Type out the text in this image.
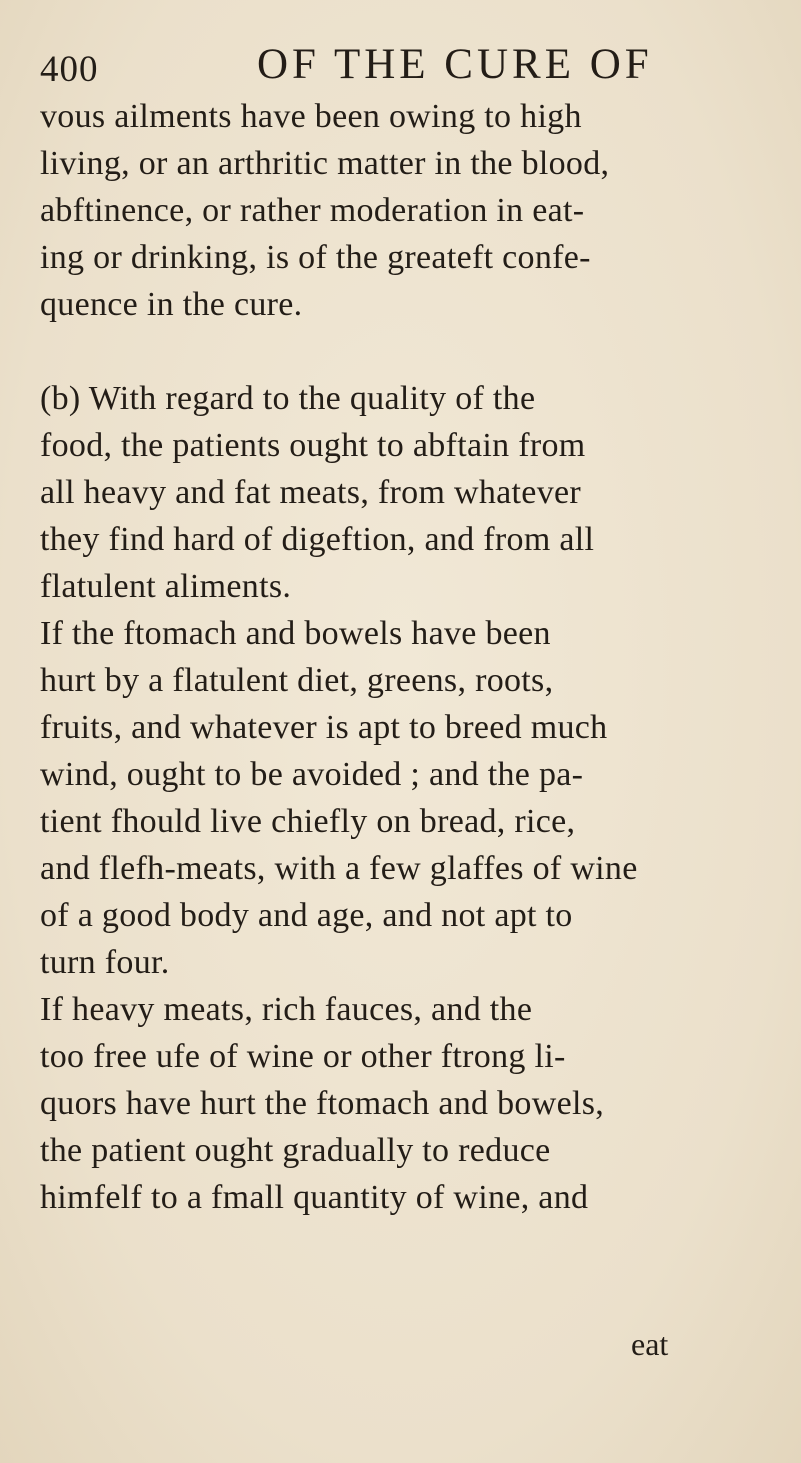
400	OF THE CURE OF
vous ailments have been owing to high
living, or an arthritic matter in the blood,
abftinence, or rather moderation in eat-
ing or drinking, is of the greateft confe-
quence in the cure.
(b) With regard to the quality of the
food, the patients ought to abftain from
all heavy and fat meats, from whatever
they find hard of digeftion, and from all
flatulent aliments.
If the ftomach and bowels have been
hurt by a flatulent diet, greens, roots,
fruits, and whatever is apt to breed much
wind, ought to be avoided ; and the pa-
tient fhould live chiefly on bread, rice,
and flefh-meats, with a few glaffes of wine
of a good body and age, and not apt to
turn four.
If heavy meats, rich fauces, and the
too free ufe of wine or other ftrong li-
quors have hurt the ftomach and bowels,
the patient ought gradually to reduce
himfelf to a fmall quantity of wine, and
eat
